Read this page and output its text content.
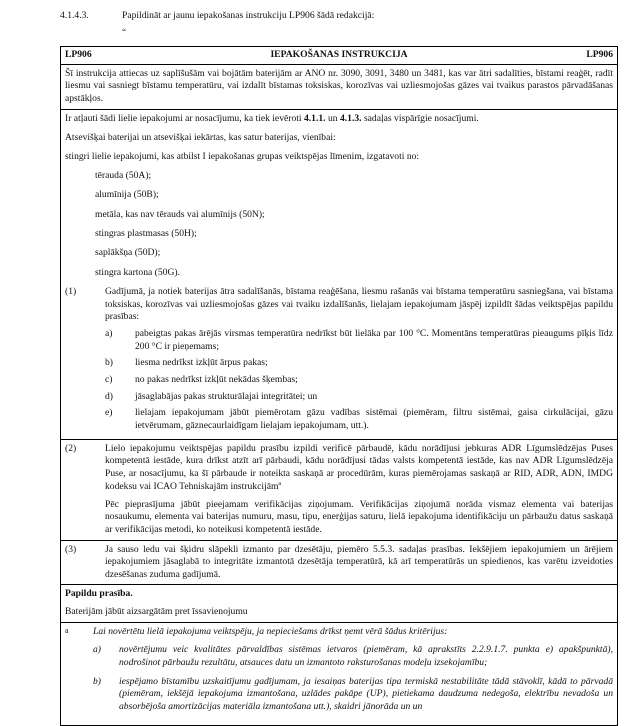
4.1.4.3.	Papildināt ar jaunu iepakošanas instrukciju LP906 šādā redakcijā:
“
LP906	IEPAKOŠANAS INSTRUKCIJA	LP906
Šī instrukcija attiecas uz saplīšušām vai bojātām baterijām ar ANO nr. 3090, 3091, 3480 un 3481, kas var ātri sadalīties, bīstami reaģēt, radīt liesmu vai sasniegt bīstamu temperatūru, vai izdalīt bīstamas toksiskas, korozīvas vai uzliesmojošas gāzes vai tvaikus parastos pārvadāšanas apstākļos.

Ir atļauti šādi lielie iepakojumi ar nosacījumu, ka tiek ievēroti 4.1.1. un 4.1.3. sadaļas vispārīgie nosacījumi.

Atsevišķai baterijai un atsevišķai iekārtas, kas satur baterijas, vienībai:

stingri lielie iepakojumi, kas atbilst I iepakošanas grupas veiktspējas līmenim, izgatavoti no:

tērauda (50A);
alumīnija (50B);
metāla, kas nav tērauds vai alumīnijs (50N);
stingras plastmasas (50H);
saplākšņa (50D);
stingra kartona (50G).
(1)	Gadījumā, ja notiek baterijas ātra sadalīšanās, bīstama reaģēšana, liesmu rašanās vai bīstama temperatūru sasniegšana, vai bīstama toksiskas, korozīvas vai uzliesmojošas gāzes vai tvaiku izdalīšanās, lielajam iepakojumam jāspēj izpildīt šādas veiktspējas papildu prasības:
a) pabeigtas pakas ārējās virsmas temperatūra nedrīkst būt lielāka par 100 °C. Momentāns temperatūras pieaugums pīķis līdz 200 °C ir pieņemams;
b) liesma nedrīkst izkļūt ārpus pakas;
c) no pakas nedrīkst izkļūt nekādas šķembas;
d) jāsaglabājas pakas strukturālajai integritātei; un
e) lielajam iepakojumam jābūt piemērotam gāzu vadības sistēmai (piemēram, filtru sistēmai, gaisa cirkulācijai, gāzu ietvērumam, gāznecaurlaidīgam lielajam iepakojumam, utt.).
(2)	Lielo iepakojumu veiktspējas papildu prasību izpildi verificē pārbaudē, kādu norādījusi jebkuras ADR Līgumslēdzējas Puses kompetentā iestāde, kura drīkst atzīt arī pārbaudi, kādu norādījusi tādas valsts kompetentā iestāde, kas nav ADR Līgumslēdzēja Puse, ar nosacījumu, ka šī pārbaude ir noteikta saskaņā ar procedūrām, kuras piemērojamas saskaņā ar RID, ADR, ADN, IMDG kodeksu vai ICAO Tehniskajām instrukcijām$^a$
Pēc pieprasījuma jābūt pieejamam verifikācijas ziņojumam. Verifikācijas ziņojumā norāda vismaz elementa vai baterijas nosaukumu, elementa vai baterijas numuru, masu, tipu, enerģijas saturu, lielā iepakojuma identifikāciju un pārbaužu datus saskaņā ar verifikācijas metodi, ko noteikusi kompetentā iestāde.
(3)	Ja sauso ledu vai šķidru slāpekli izmanto par dzesētāju, piemēro 5.5.3. sadaļas prasības. Iekšējiem iepakojumiem un ārējiem iepakojumiem jāsaglabā to integritāte izmantotā dzesētāja temperatūrā, kā arī temperatūrās un spiedienos, kas varētu izveidoties dzesēšanas zuduma gadījumā.
Papildu prasība.
Baterijām jābūt aizsargātām pret īssavienojumu
a	Lai novērtētu lielā iepakojuma veiktspēju, ja nepieciešams drīkst ņemt vērā šādus kritērijus:
a) novērtējumu veic kvalitātes pārvaldības sistēmas ietvaros (piemēram, kā aprakstīts 2.2.9.1.7. punkta e) apakšpunktā), nodrošinot pārbaužu rezultātu, atsauces datu un izmantoto raksturošanas modeļu izsekojamību;
b) iespējamo bīstamību uzskaitījumu gadījumam, ja iesaiņas baterijas tipa termiskā nestabilitāte tādā stāvoklī, kādā to pārvadā (piemēram, iekšējā iepakojuma izmantošana, uzlādes pakāpe (UP), pietiekama daudzuma nedegoša, elektrību nevadoša un absorbējoša amortizācijas materiāla izmantošana utt.), skaidri jānorāda un un
